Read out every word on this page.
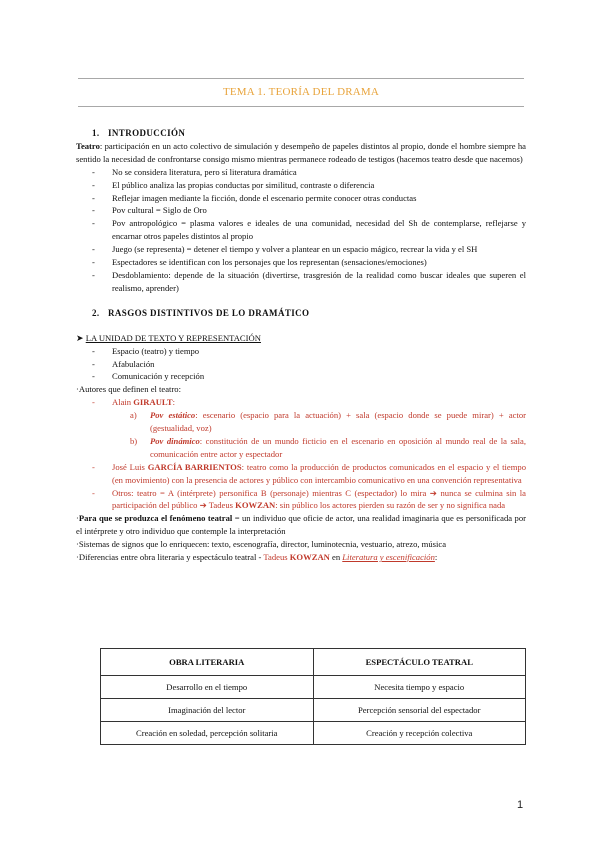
TEMA 1. TEORÍA DEL DRAMA
1. INTRODUCCIÓN

Teatro: participación en un acto colectivo de simulación y desempeño de papeles distintos al propio, donde el hombre siempre ha sentido la necesidad de confrontarse consigo mismo mientras permanece rodeado de testigos (hacemos teatro desde que nacemos)

- No se considera literatura, pero sí literatura dramática
- El público analiza las propias conductas por similitud, contraste o diferencia
- Reflejar imagen mediante la ficción, donde el escenario permite conocer otras conductas
- Pov cultural = Siglo de Oro
- Pov antropológico = plasma valores e ideales de una comunidad, necesidad del Sh de contemplarse, reflejarse y encarnar otros papeles distintos al propio
- Juego (se representa) = detener el tiempo y volver a plantear en un espacio mágico, recrear la vida y el SH
- Espectadores se identifican con los personajes que los representan (sensaciones/emociones)
- Desdoblamiento: depende de la situación (divertirse, trasgresión de la realidad como buscar ideales que superen el realismo, aprender)
2. RASGOS DISTINTIVOS DE LO DRAMÁTICO
➤ LA UNIDAD DE TEXTO Y REPRESENTACIÓN
- Espacio (teatro) y tiempo
- Afabulación
- Comunicación y recepción
·Autores que definen el teatro:
- Alain GIRAULT:
a) Pov estático: escenario (espacio para la actuación) + sala (espacio donde se puede mirar) + actor (gestualidad, voz)
b) Pov dinámico: constitución de un mundo ficticio en el escenario en oposición al mundo real de la sala, comunicación entre actor y espectador
- José Luis GARCÍA BARRIENTOS: teatro como la producción de productos comunicados en el espacio y el tiempo (en movimiento) con la presencia de actores y público con intercambio comunicativo en una convención representativa
- Otros: teatro = A (intérprete) personifica B (personaje) mientras C (espectador) lo mira ➔ nunca se culmina sin la participación del público ➔ Tadeus KOWZAN: sin público los actores pierden su razón de ser y no significa nada

·Para que se produzca el fenómeno teatral = un individuo que oficie de actor, una realidad imaginaria que es personificada por el intérprete y otro individuo que contemple la interpretación

·Sistemas de signos que lo enriquecen: texto, escenografía, director, luminotecnia, vestuario, atrezo, música

·Diferencias entre obra literaria y espectáculo teatral - Tadeus KOWZAN en Literatura y escenificación:

OBRA LITERARIA	ESPECTÁCULO TEATRAL
Desarrollo en el tiempo	Necesita tiempo y espacio
Imaginación del lector	Percepción sensorial del espectador
Creación en soledad, percepción solitaria	Creación y recepción colectiva
1
